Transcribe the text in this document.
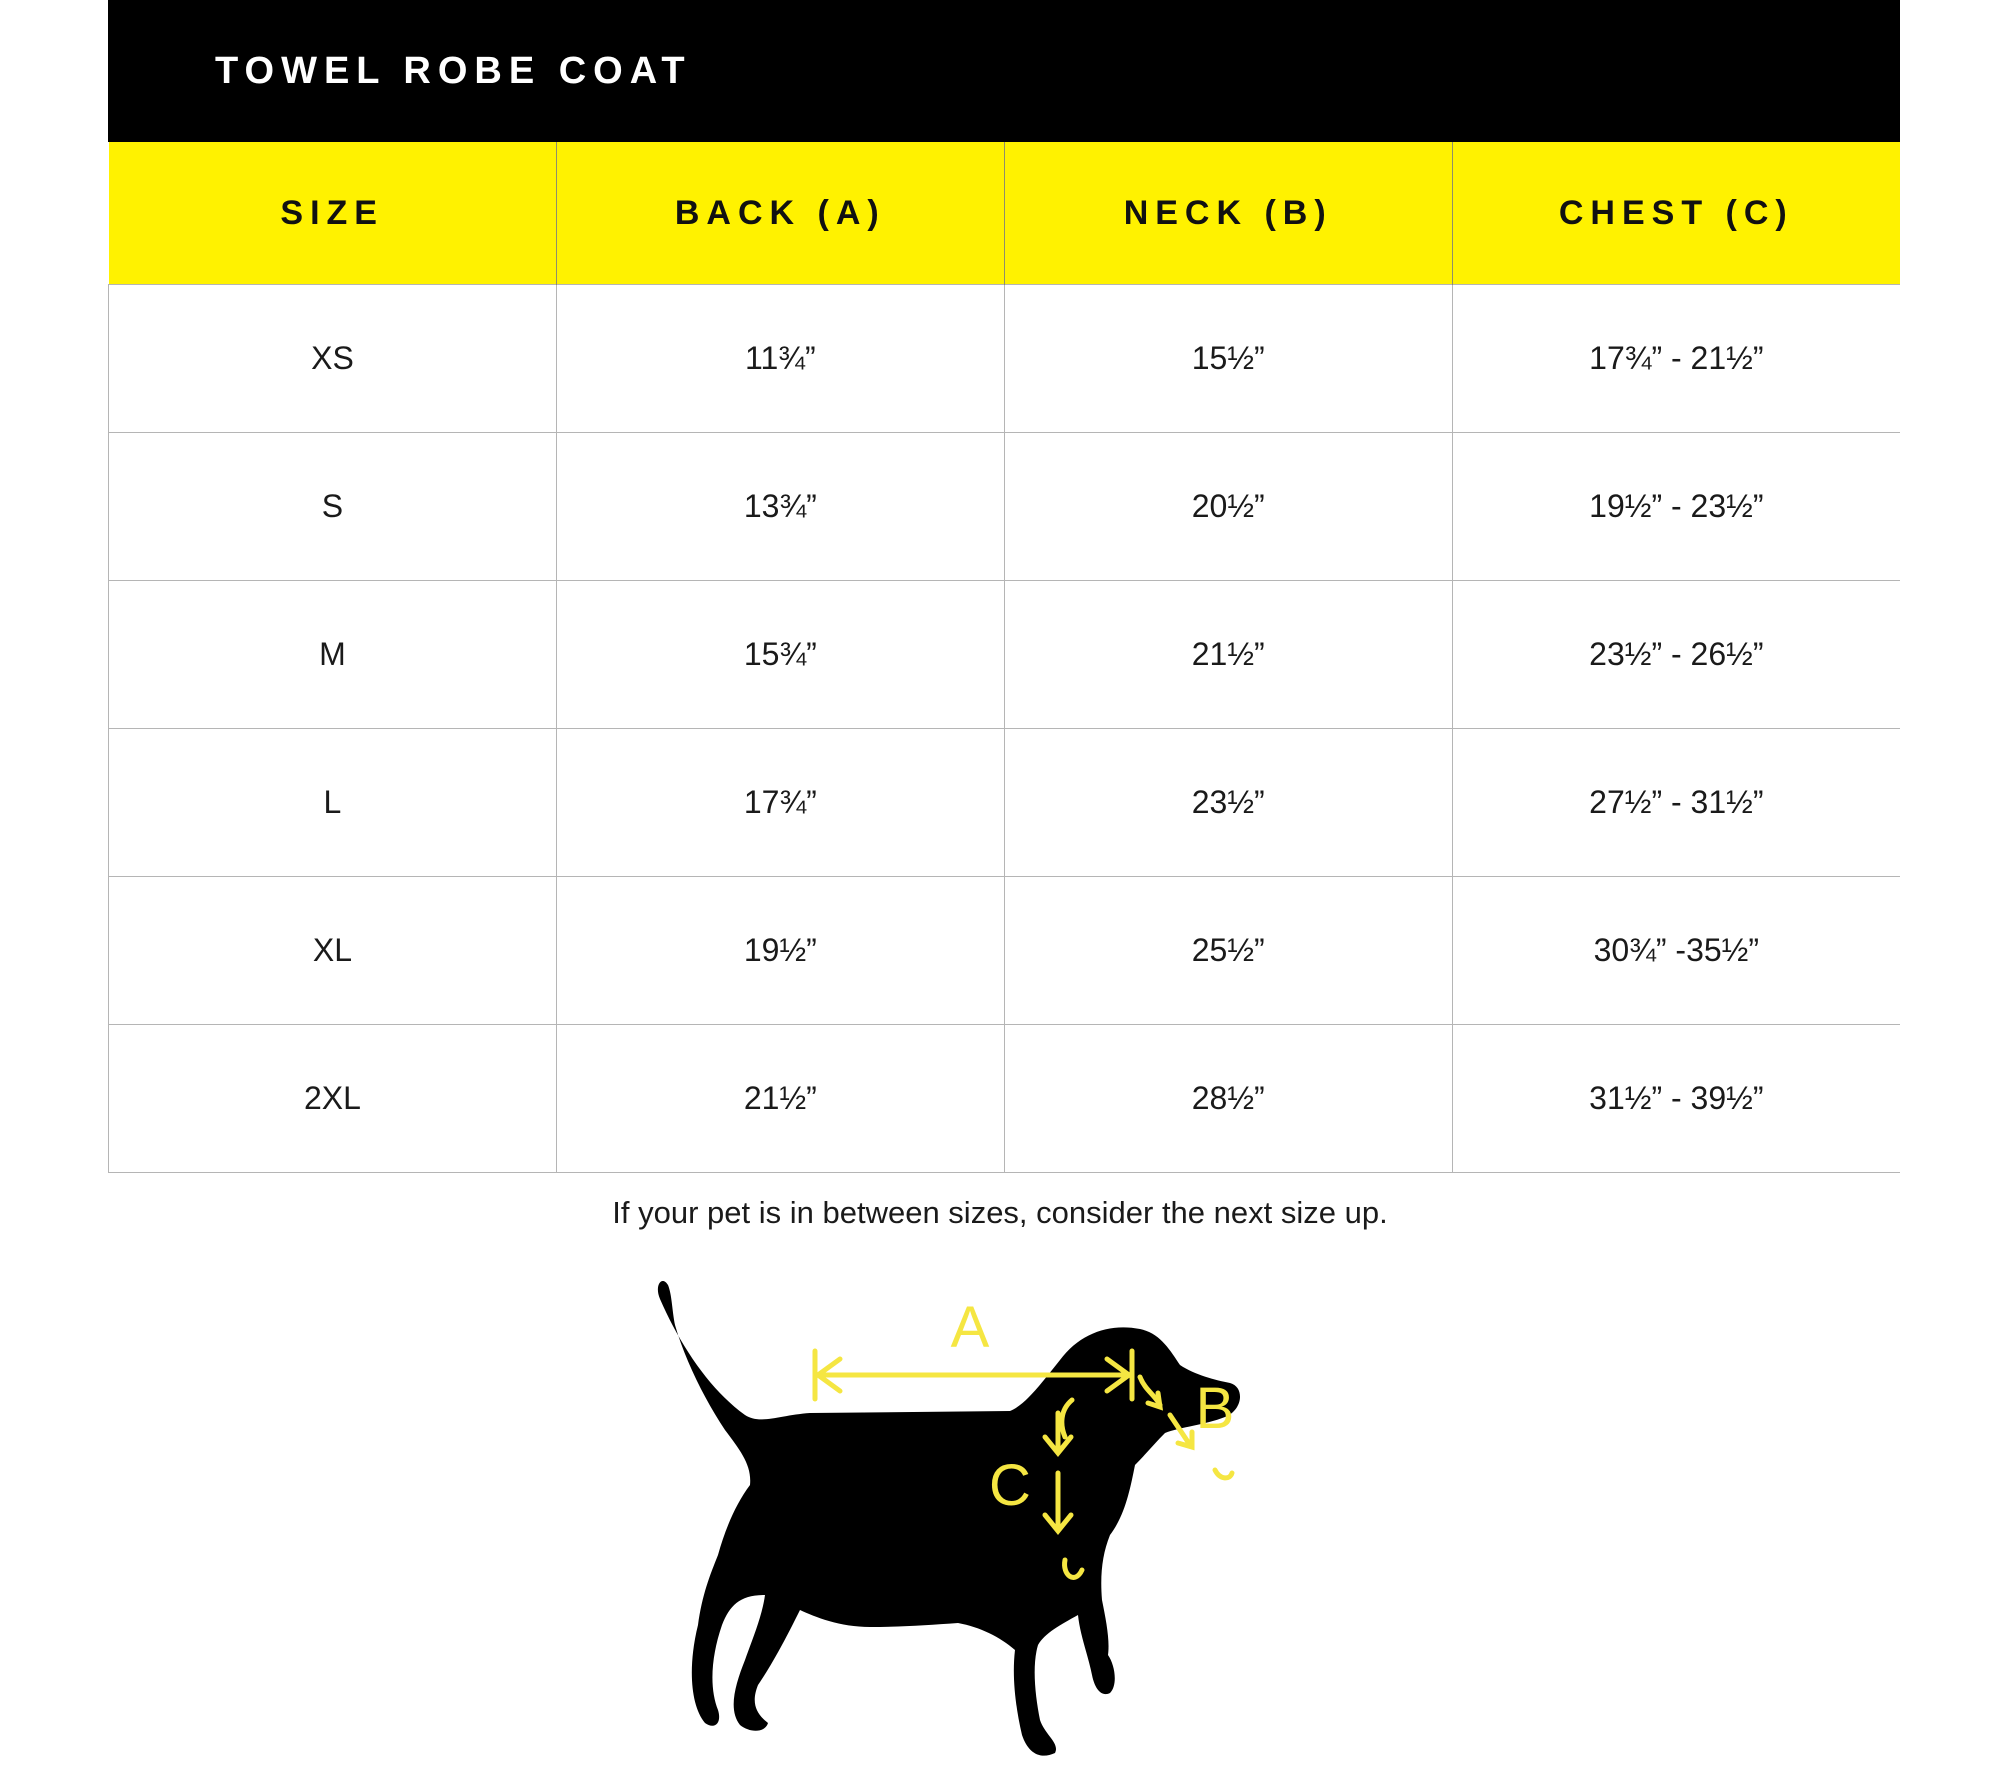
TOWEL ROBE COAT
SIZE	BACK (A)	NECK (B)	CHEST (C)
XS	11¾”	15½”	17¾” - 21½”
S	13¾”	20½”	19½” - 23½”
M	15¾”	21½”	23½” - 26½”
L	17¾”	23½”	27½” - 31½”
XL	19½”	25½”	30¾” -35½”
2XL	21½”	28½”	31½” - 39½”
If your pet is in between sizes, consider the next size up.
A
B
C
